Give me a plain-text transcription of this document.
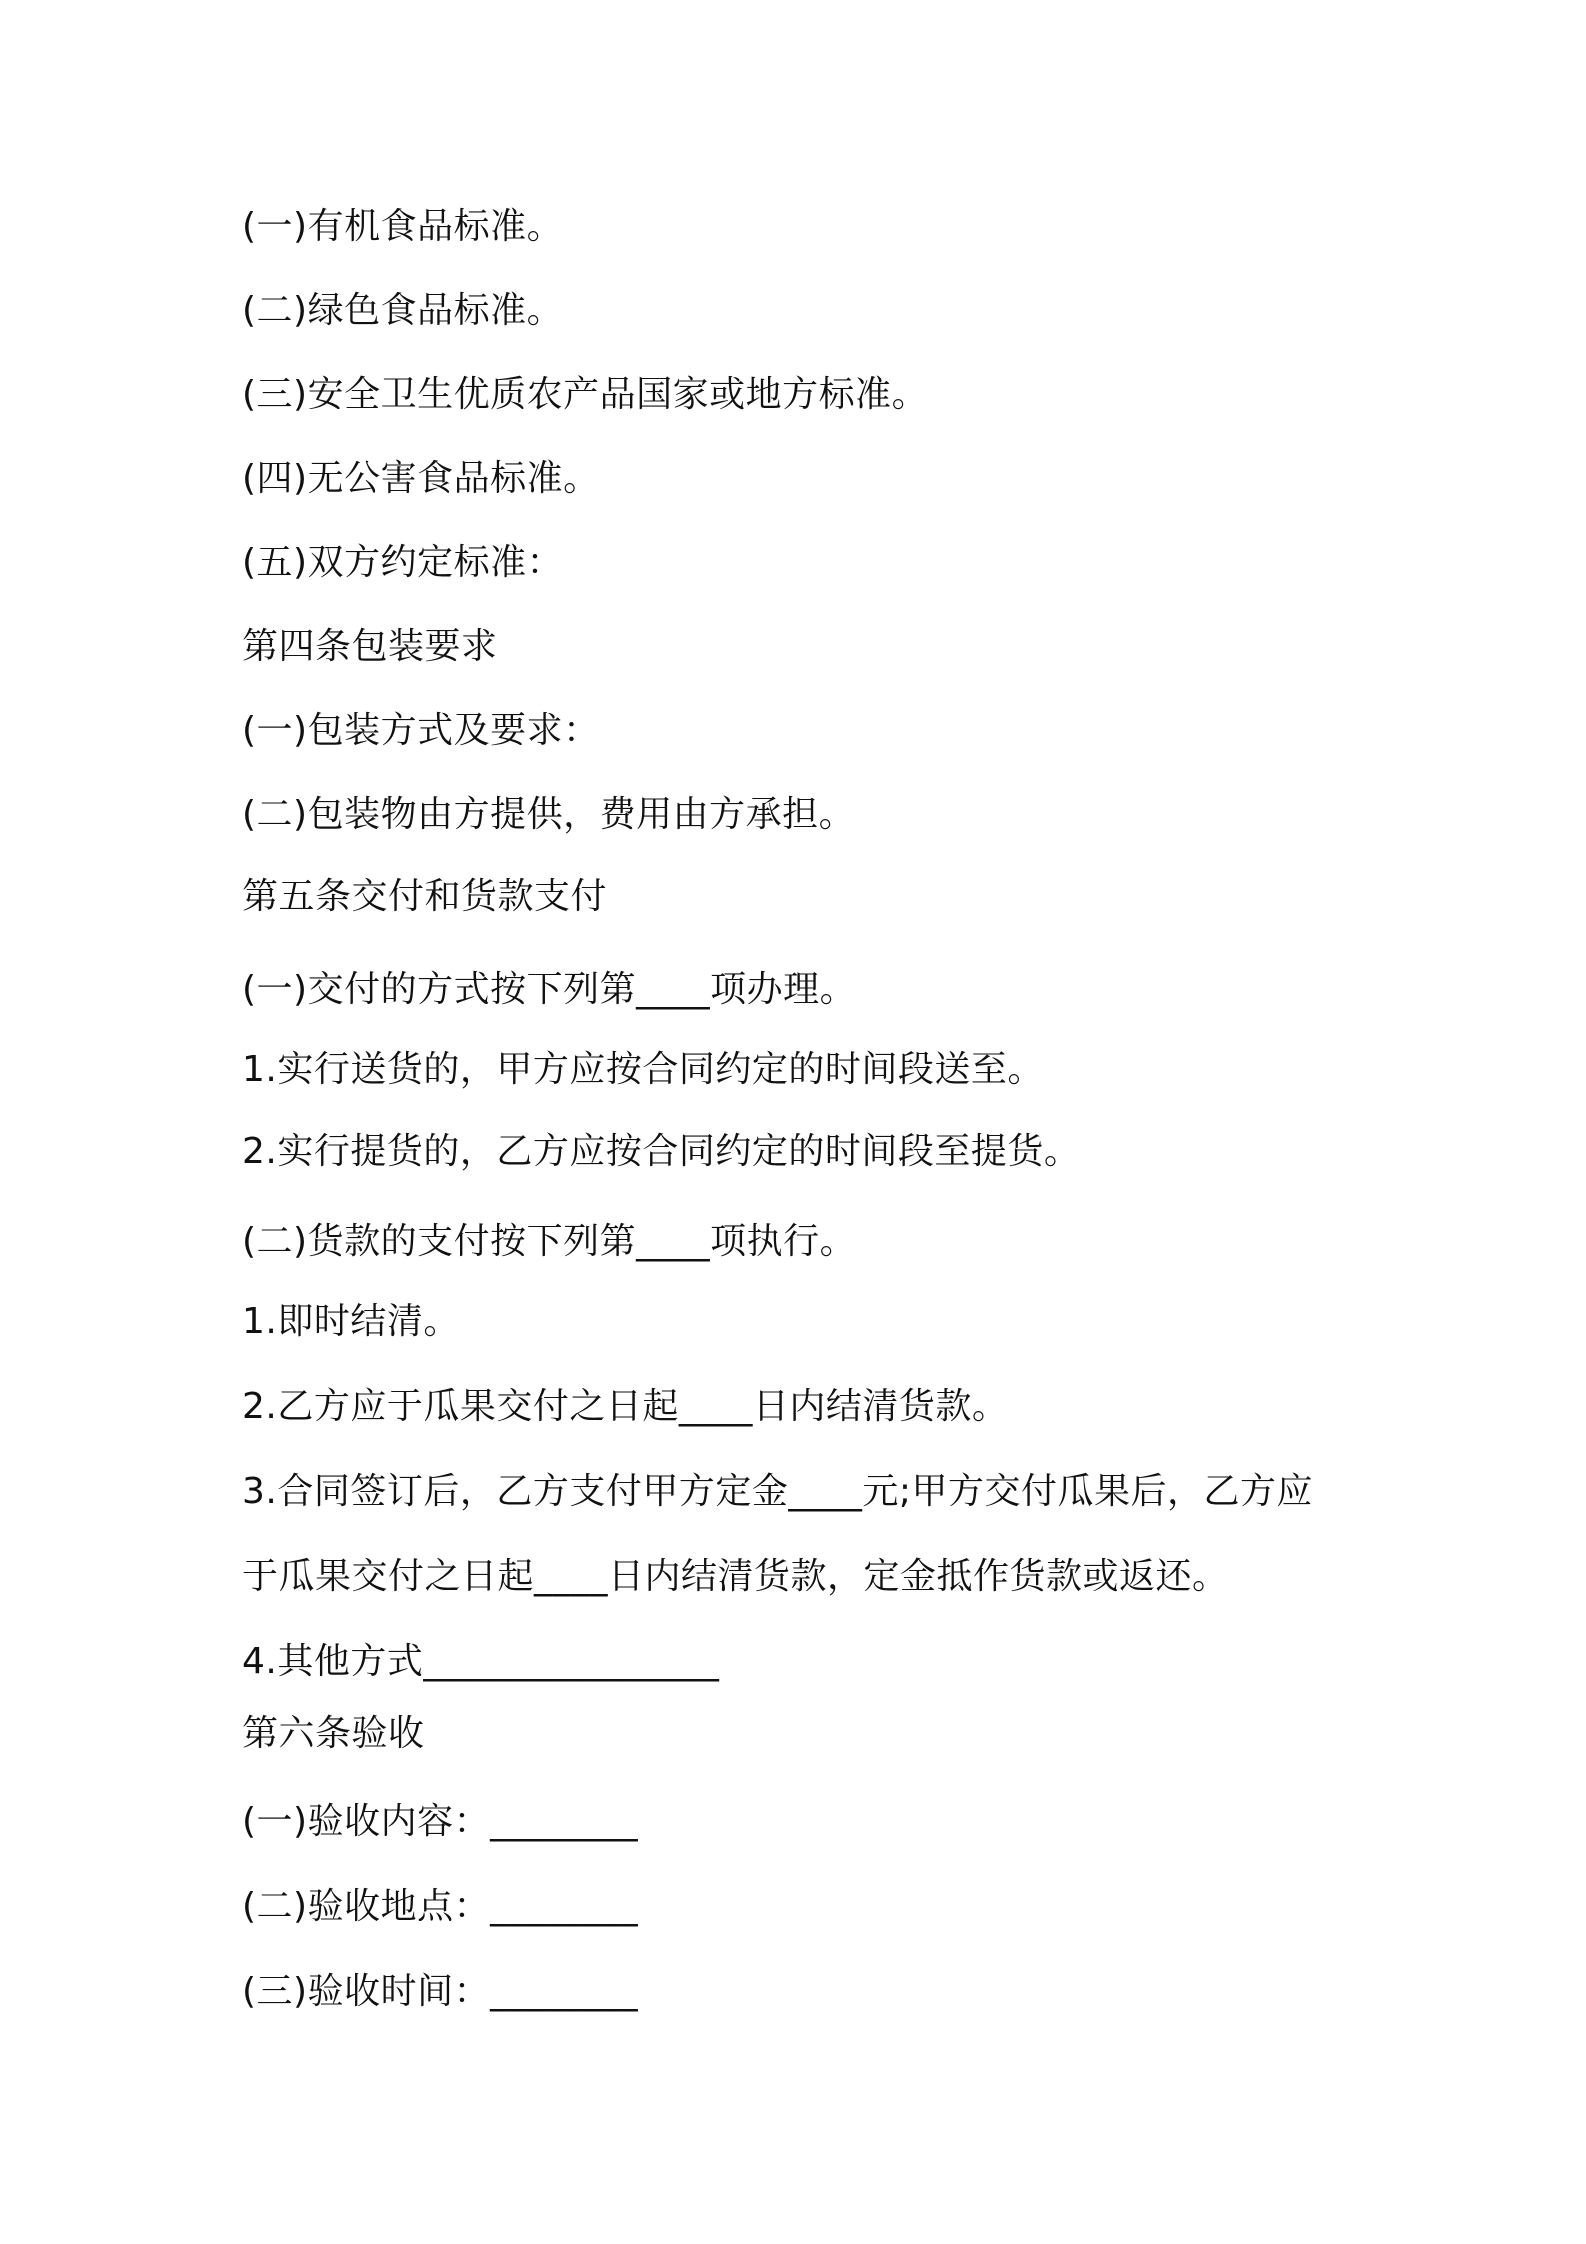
(一)有机食品标准。
(二)绿色食品标准。
(三)安全卫生优质农产品国家或地方标准。
(四)无公害食品标准。
(五)双方约定标准：
第四条包装要求
(一)包装方式及要求：
(二)包装物由方提供，费用由方承担。
第五条交付和货款支付
(一)交付的方式按下列第____项办理。
1.实行送货的，甲方应按合同约定的时间段送至。
2.实行提货的，乙方应按合同约定的时间段至提货。
(二)货款的支付按下列第____项执行。
1.即时结清。
2.乙方应于瓜果交付之日起____日内结清货款。
3.合同签订后，乙方支付甲方定金____元;甲方交付瓜果后，乙方应
于瓜果交付之日起____日内结清货款，定金抵作货款或返还。
4.其他方式________________
第六条验收
(一)验收内容：________
(二)验收地点：________
(三)验收时间：________
